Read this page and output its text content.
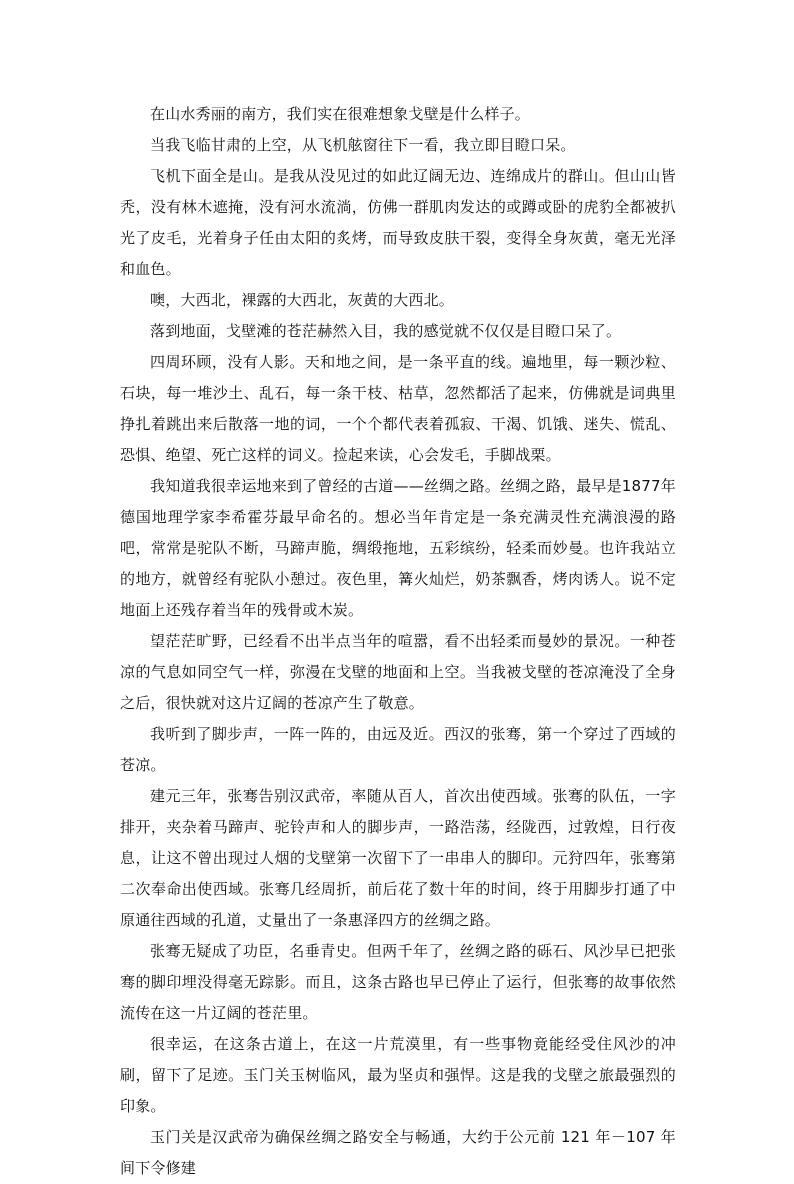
在山水秀丽的南方，我们实在很难想象戈壁是什么样子。

当我飞临甘肃的上空，从飞机舷窗往下一看，我立即目瞪口呆。

飞机下面全是山。是我从没见过的如此辽阔无边、连绵成片的群山。但山山皆秃，没有林木遮掩，没有河水流淌，仿佛一群肌肉发达的或蹲或卧的虎豹全都被扒光了皮毛，光着身子任由太阳的炙烤，而导致皮肤干裂，变得全身灰黄，毫无光泽和血色。

噢，大西北，裸露的大西北，灰黄的大西北。

落到地面，戈壁滩的苍茫赫然入目，我的感觉就不仅仅是目瞪口呆了。

四周环顾，没有人影。天和地之间，是一条平直的线。遍地里，每一颗沙粒、石块，每一堆沙土、乱石，每一条干枝、枯草，忽然都活了起来，仿佛就是词典里挣扎着跳出来后散落一地的词，一个个都代表着孤寂、干渴、饥饿、迷失、慌乱、恐惧、绝望、死亡这样的词义。捡起来读，心会发毛，手脚战栗。

我知道我很幸运地来到了曾经的古道——丝绸之路。丝绸之路，最早是1877年德国地理学家李希霍芬最早命名的。想必当年肯定是一条充满灵性充满浪漫的路吧，常常是驼队不断，马蹄声脆，绸缎拖地，五彩缤纷，轻柔而妙曼。也许我站立的地方，就曾经有驼队小憩过。夜色里，篝火灿烂，奶茶飘香，烤肉诱人。说不定地面上还残存着当年的残骨或木炭。

望茫茫旷野，已经看不出半点当年的喧嚣，看不出轻柔而曼妙的景况。一种苍凉的气息如同空气一样，弥漫在戈壁的地面和上空。当我被戈壁的苍凉淹没了全身之后，很快就对这片辽阔的苍凉产生了敬意。

我听到了脚步声，一阵一阵的，由远及近。西汉的张骞，第一个穿过了西域的苍凉。

建元三年，张骞告别汉武帝，率随从百人，首次出使西域。张骞的队伍，一字排开，夹杂着马蹄声、驼铃声和人的脚步声，一路浩荡，经陇西，过敦煌，日行夜息，让这不曾出现过人烟的戈壁第一次留下了一串串人的脚印。元狩四年，张骞第二次奉命出使西域。张骞几经周折，前后花了数十年的时间，终于用脚步打通了中原通往西域的孔道，丈量出了一条惠泽四方的丝绸之路。

张骞无疑成了功臣，名垂青史。但两千年了，丝绸之路的砾石、风沙早已把张骞的脚印埋没得毫无踪影。而且，这条古路也早已停止了运行，但张骞的故事依然流传在这一片辽阔的苍茫里。

很幸运，在这条古道上，在这一片荒漠里，有一些事物竟能经受住风沙的冲刷，留下了足迹。玉门关玉树临风，最为坚贞和强悍。这是我的戈壁之旅最强烈的印象。

玉门关是汉武帝为确保丝绸之路安全与畅通，大约于公元前 121 年－107 年间下令修建
